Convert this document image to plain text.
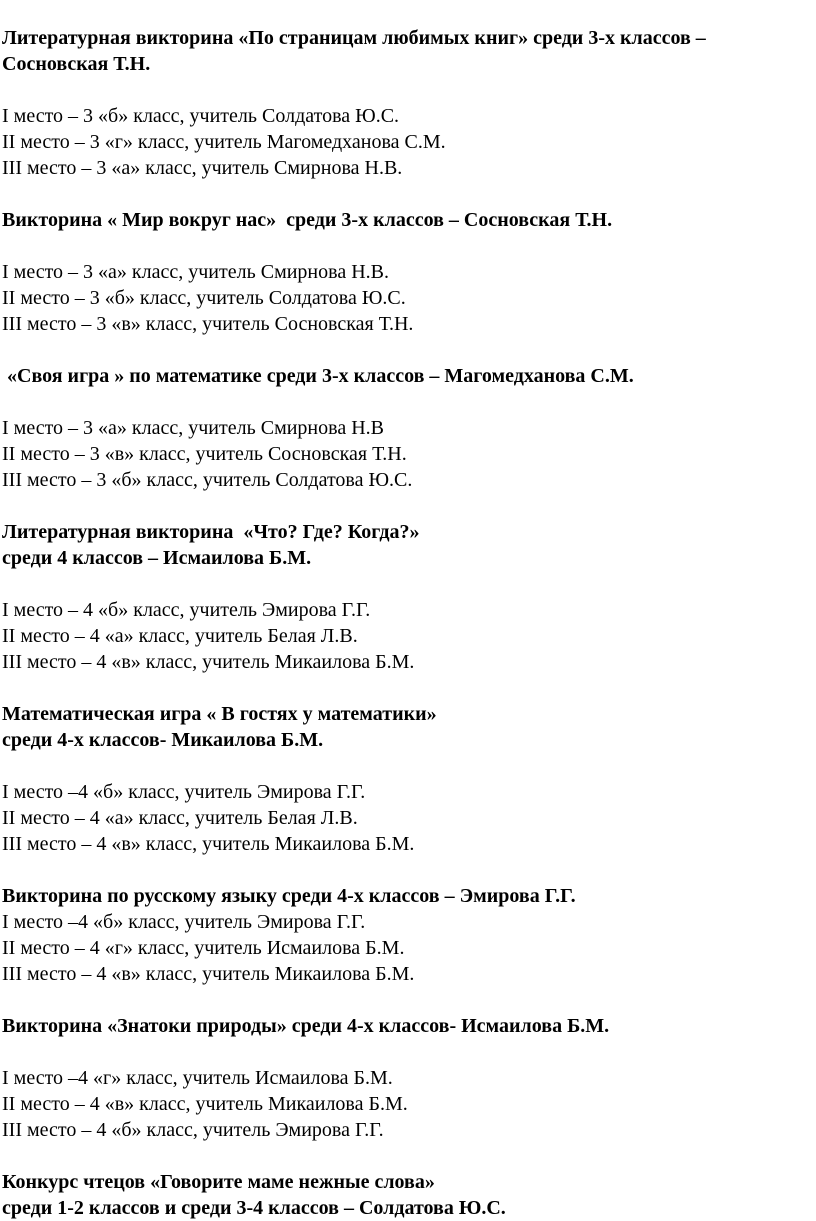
Литературная викторина «По страницам любимых книг» среди 3-х классов –
Сосновская Т.Н.
I место – 3 «б» класс, учитель Солдатова Ю.С.
II место – 3 «г» класс, учитель Магомедханова С.М.
III место – 3 «а» класс, учитель Смирнова Н.В.
Викторина « Мир вокруг нас»  среди 3-х классов – Сосновская Т.Н.
I место – 3 «а» класс, учитель Смирнова Н.В.
II место – 3 «б» класс, учитель Солдатова Ю.С.
III место – 3 «в» класс, учитель Сосновская Т.Н.
«Своя игра » по математике среди 3-х классов – Магомедханова С.М.
I место – 3 «а» класс, учитель Смирнова Н.В
II место – 3 «в» класс, учитель Сосновская Т.Н.
III место – 3 «б» класс, учитель Солдатова Ю.С.
Литературная викторина  «Что? Где? Когда?»
среди 4 классов – Исмаилова Б.М.
I место – 4 «б» класс, учитель Эмирова Г.Г.
II место – 4 «а» класс, учитель Белая Л.В.
III место – 4 «в» класс, учитель Микаилова Б.М.
Математическая игра « В гостях у математики»
среди 4-х классов- Микаилова Б.М.
I место –4 «б» класс, учитель Эмирова Г.Г.
II место – 4 «а» класс, учитель Белая Л.В.
III место – 4 «в» класс, учитель Микаилова Б.М.
Викторина по русскому языку среди 4-х классов – Эмирова Г.Г.
I место –4 «б» класс, учитель Эмирова Г.Г.
II место – 4 «г» класс, учитель Исмаилова Б.М.
III место – 4 «в» класс, учитель Микаилова Б.М.
Викторина «Знатоки природы» среди 4-х классов- Исмаилова Б.М.
I место –4 «г» класс, учитель Исмаилова Б.М.
II место – 4 «в» класс, учитель Микаилова Б.М.
III место – 4 «б» класс, учитель Эмирова Г.Г.
Конкурс чтецов «Говорите маме нежные слова»
среди 1-2 классов и среди 3-4 классов – Солдатова Ю.С.
